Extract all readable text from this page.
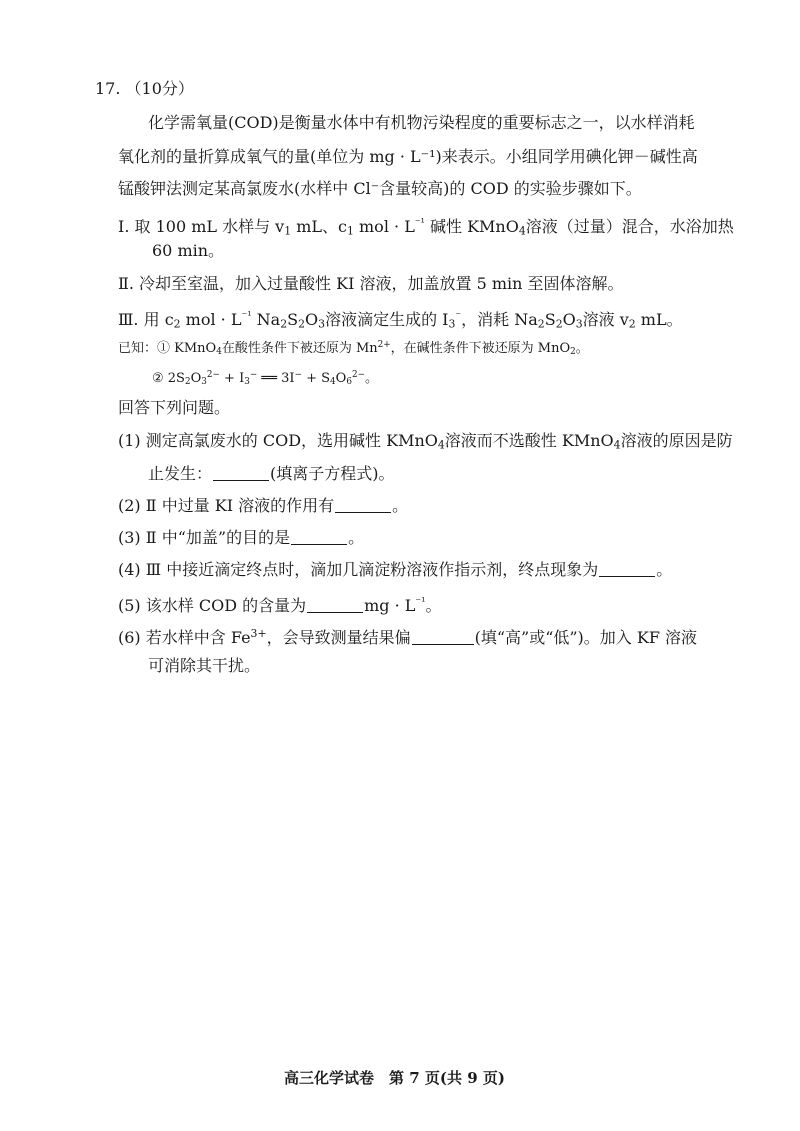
17. （10分）
化学需氧量(COD)是衡量水体中有机物污染程度的重要标志之一，以水样消耗
氧化剂的量折算成氧气的量(单位为 mg · L⁻¹)来表示。小组同学用碘化钾－碱性高
锰酸钾法测定某高氯废水(水样中 Cl⁻含量较高)的 COD 的实验步骤如下。
Ⅰ. 取 100 mL 水样与 $v_1$ mL、$c_1$ mol · $L^{^{-1}}$ 碱性 KMnO$_4$溶液（过量）混合，水浴加热
60 min。
Ⅱ. 冷却至室温，加入过量酸性 KI 溶液，加盖放置 5 min 至固体溶解。
Ⅲ. 用 $c_2$ mol · $L^{^{-1}}$ $Na_2S_2O_3$溶液滴定生成的 $I_3^{^-}$，消耗 $Na_2S_2O_3$溶液 $v_2$ mL。
已知：① KMnO$_4$在酸性条件下被还原为 $Mn^{2+}$，在碱性条件下被还原为 MnO$_2$。
② $2S_2O_3^{2-} + I_3^-$ ══ $3I^- + S_4O_6^{2-}$。
回答下列问题。
(1) 测定高氯废水的 COD，选用碱性 KMnO$_4$溶液而不选酸性 KMnO$_4$溶液的原因是防
止发生：	(填离子方程式)。
(2) Ⅱ 中过量 KI 溶液的作用有	。
(3) Ⅱ 中“加盖”的目的是	。
(4) Ⅲ 中接近滴定终点时，滴加几滴淀粉溶液作指示剂，终点现象为	。
(5) 该水样 COD 的含量为	mg · $L^{^{-1}}$。
(6) 若水样中含 $Fe^{3+}$，会导致测量结果偏	(填“高”或“低”)。加入 KF 溶液
可消除其干扰。
高三化学试卷　第 7 页(共 9 页)
